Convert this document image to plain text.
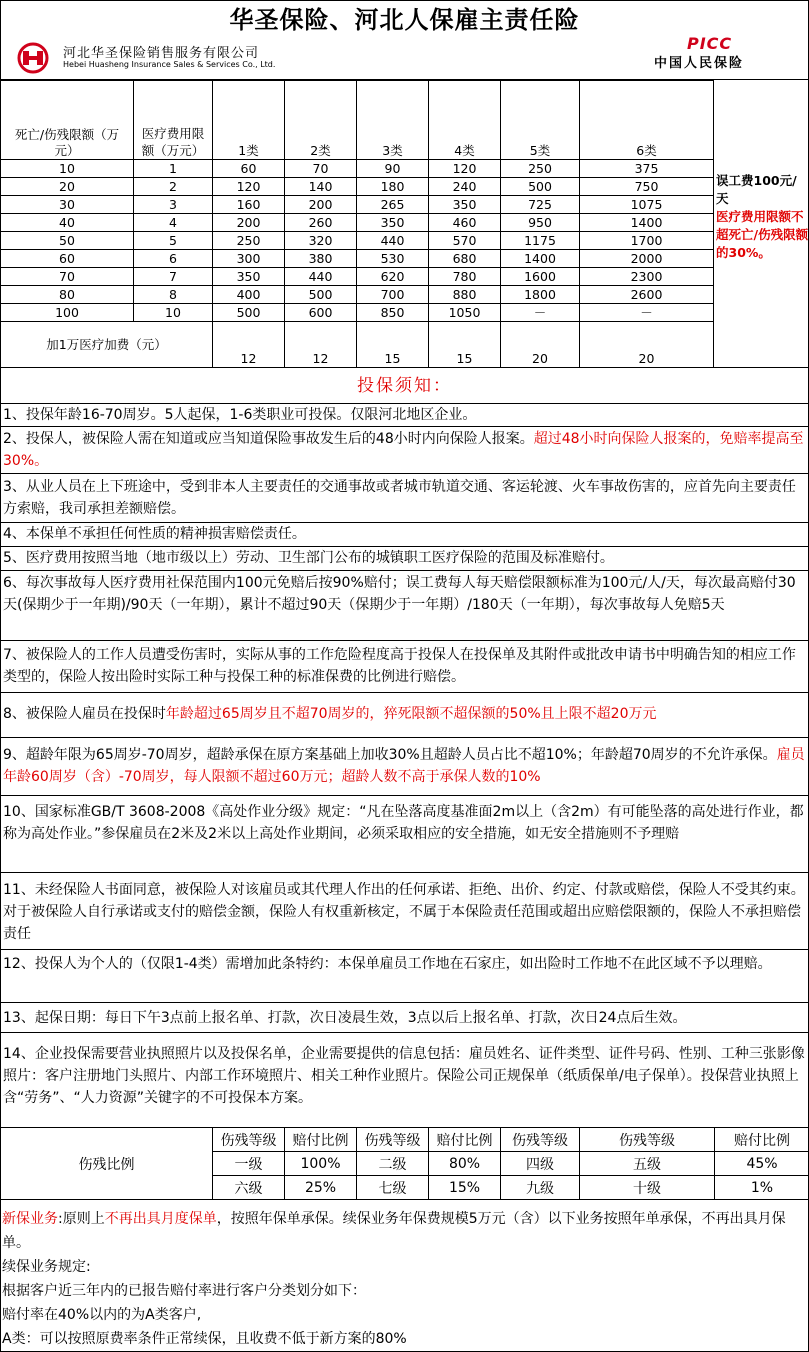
华圣保险、河北人保雇主责任险
河北华圣保险销售服务有限公司
Hebei Huasheng Insurance Sales & Services Co., Ltd.
PICC
中国人民保险
死亡/伤残限额（万元）	医疗费用限额（万元）	1类	2类	3类	4类	5类	6类
10	1	60	70	90	120	250	375
20	2	120	140	180	240	500	750
30	3	160	200	265	350	725	1075
40	4	200	260	350	460	950	1400
50	5	250	320	440	570	1175	1700
60	6	300	380	530	680	1400	2000
70	7	350	440	620	780	1600	2300
80	8	400	500	700	880	1800	2600
100	10	500	600	850	1050	－	－
加1万医疗加费（元）		12	12	15	15	20	20
误工费100元/天
医疗费用限额不超死亡/伤残限额的30%。
投保须知：
1、投保年龄16-70周岁。5人起保，1-6类职业可投保。仅限河北地区企业。
2、投保人，被保险人需在知道或应当知道保险事故发生后的48小时内向保险人报案。超过48小时向保险人报案的，免赔率提高至30%。
3、从业人员在上下班途中，受到非本人主要责任的交通事故或者城市轨道交通、客运轮渡、火车事故伤害的，应首先向主要责任方索赔，我司承担差额赔偿。
4、本保单不承担任何性质的精神损害赔偿责任。
5、医疗费用按照当地（地市级以上）劳动、卫生部门公布的城镇职工医疗保险的范围及标准赔付。
6、每次事故每人医疗费用社保范围内100元免赔后按90%赔付；误工费每人每天赔偿限额标准为100元/人/天，每次最高赔付30天(保期少于一年期)/90天（一年期），累计不超过90天（保期少于一年期）/180天（一年期），每次事故每人免赔5天
7、被保险人的工作人员遭受伤害时，实际从事的工作危险程度高于投保人在投保单及其附件或批改申请书中明确告知的相应工作类型的，保险人按出险时实际工种与投保工种的标准保费的比例进行赔偿。
8、被保险人雇员在投保时年龄超过65周岁且不超70周岁的，猝死限额不超保额的50%且上限不超20万元
9、超龄年限为65周岁-70周岁，超龄承保在原方案基础上加收30%且超龄人员占比不超10%；年龄超70周岁的不允许承保。雇员年龄60周岁（含）-70周岁，每人限额不超过60万元；超龄人数不高于承保人数的10%
10、国家标准GB/T 3608-2008《高处作业分级》规定：“凡在坠落高度基准面2m以上（含2m）有可能坠落的高处进行作业，都称为高处作业。”参保雇员在2米及2米以上高处作业期间，必须采取相应的安全措施，如无安全措施则不予理赔
11、未经保险人书面同意，被保险人对该雇员或其代理人作出的任何承诺、拒绝、出价、约定、付款或赔偿，保险人不受其约束。对于被保险人自行承诺或支付的赔偿金额，保险人有权重新核定，不属于本保险责任范围或超出应赔偿限额的，保险人不承担赔偿责任
12、投保人为个人的（仅限1-4类）需增加此条特约：本保单雇员工作地在石家庄，如出险时工作地不在此区域不予以理赔。
13、起保日期：每日下午3点前上报名单、打款，次日凌晨生效，3点以后上报名单、打款，次日24点后生效。
14、企业投保需要营业执照照片以及投保名单，企业需要提供的信息包括：雇员姓名、证件类型、证件号码、性别、工种三张影像照片：客户注册地门头照片、内部工作环境照片、相关工种作业照片。保险公司正规保单（纸质保单/电子保单）。投保营业执照上含“劳务”、“人力资源”关键字的不可投保本方案。
伤残比例	伤残等级	赔付比例	伤残等级	赔付比例	伤残等级	伤残等级	赔付比例
	一级	100%	二级	80%	四级	五级	45%
	六级	25%	七级	15%	九级	十级	1%
新保业务:原则上不再出具月度保单，按照年保单承保。续保业务年保费规模5万元（含）以下业务按照年单承保，不再出具月保单。
续保业务规定:
根据客户近三年内的已报告赔付率进行客户分类划分如下：
赔付率在40%以内的为A类客户,
A类：可以按照原费率条件正常续保，且收费不低于新方案的80%
